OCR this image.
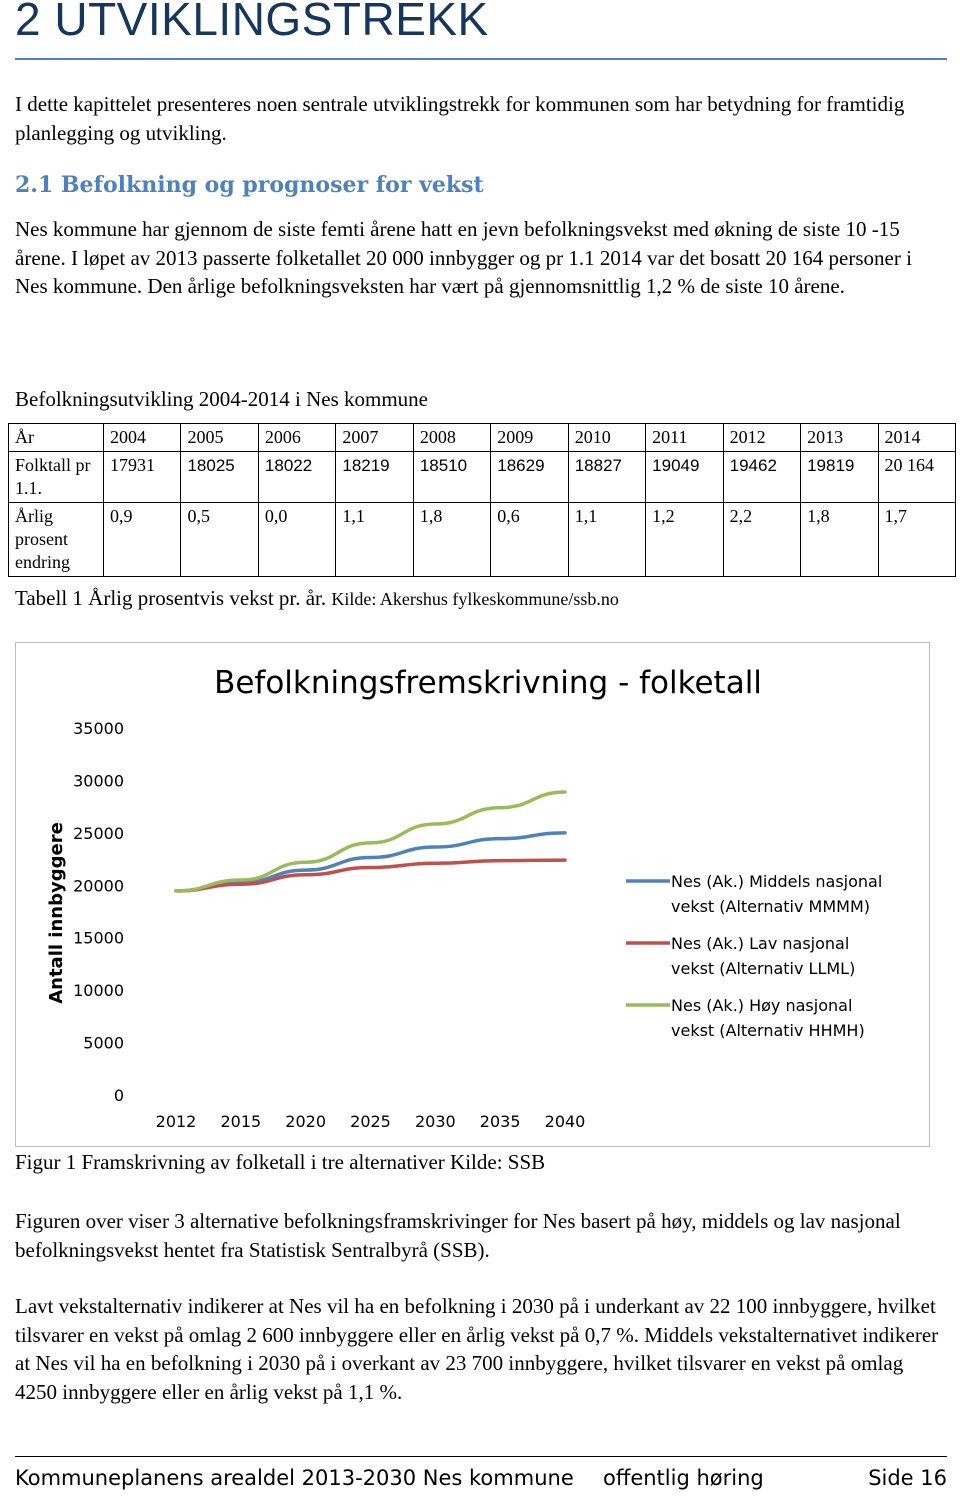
2 UTVIKLINGSTREKK

I dette kapittelet presenteres noen sentrale utviklingstrekk for kommunen som har betydning for framtidig planlegging og utvikling.

2.1 Befolkning og prognoser for vekst

Nes kommune har gjennom de siste femti årene hatt en jevn befolkningsvekst med økning de siste 10 -15 årene. I løpet av 2013 passerte folketallet 20 000 innbygger og pr 1.1 2014 var det bosatt 20 164 personer i Nes kommune. Den årlige befolkningsveksten har vært på gjennomsnittlig 1,2 % de siste 10 årene.

Befolkningsutvikling 2004-2014 i Nes kommune

År	2004	2005	2006	2007	2008	2009	2010	2011	2012	2013	2014
Folktall pr 1.1.	17931	18025	18022	18219	18510	18629	18827	19049	19462	19819	20 164
Årlig prosent endring	0,9	0,5	0,0	1,1	1,8	0,6	1,1	1,2	2,2	1,8	1,7
Tabell 1 Årlig prosentvis vekst pr. år. Kilde: Akershus fylkeskommune/ssb.no
Befolkningsfremskrivning - folketall
Antall innbyggere
0
5000
10000
15000
20000
25000
30000
35000
2012 2015 2020 2025 2030 2035 2040
Nes (Ak.) Middels nasjonal vekst (Alternativ MMMM)
Nes (Ak.) Lav nasjonal vekst (Alternativ LLML)
Nes (Ak.) Høy nasjonal vekst (Alternativ HHMH)

Figur 1 Framskrivning av folketall i tre alternativer Kilde: SSB

Figuren over viser 3 alternative befolkningsframskrivinger for Nes basert på høy, middels og lav nasjonal befolkningsvekst hentet fra Statistisk Sentralbyrå (SSB).

Lavt vekstalternativ indikerer at Nes vil ha en befolkning i 2030 på i underkant av 22 100 innbyggere, hvilket tilsvarer en vekst på omlag 2 600 innbyggere eller en årlig vekst på 0,7 %. Middels vekstalternativet indikerer at Nes vil ha en befolkning i 2030 på i overkant av 23 700 innbyggere, hvilket tilsvarer en vekst på omlag 4250 innbyggere eller en årlig vekst på 1,1 %.

Kommuneplanens arealdel 2013-2030 Nes kommune offentlig høring	Side 16
